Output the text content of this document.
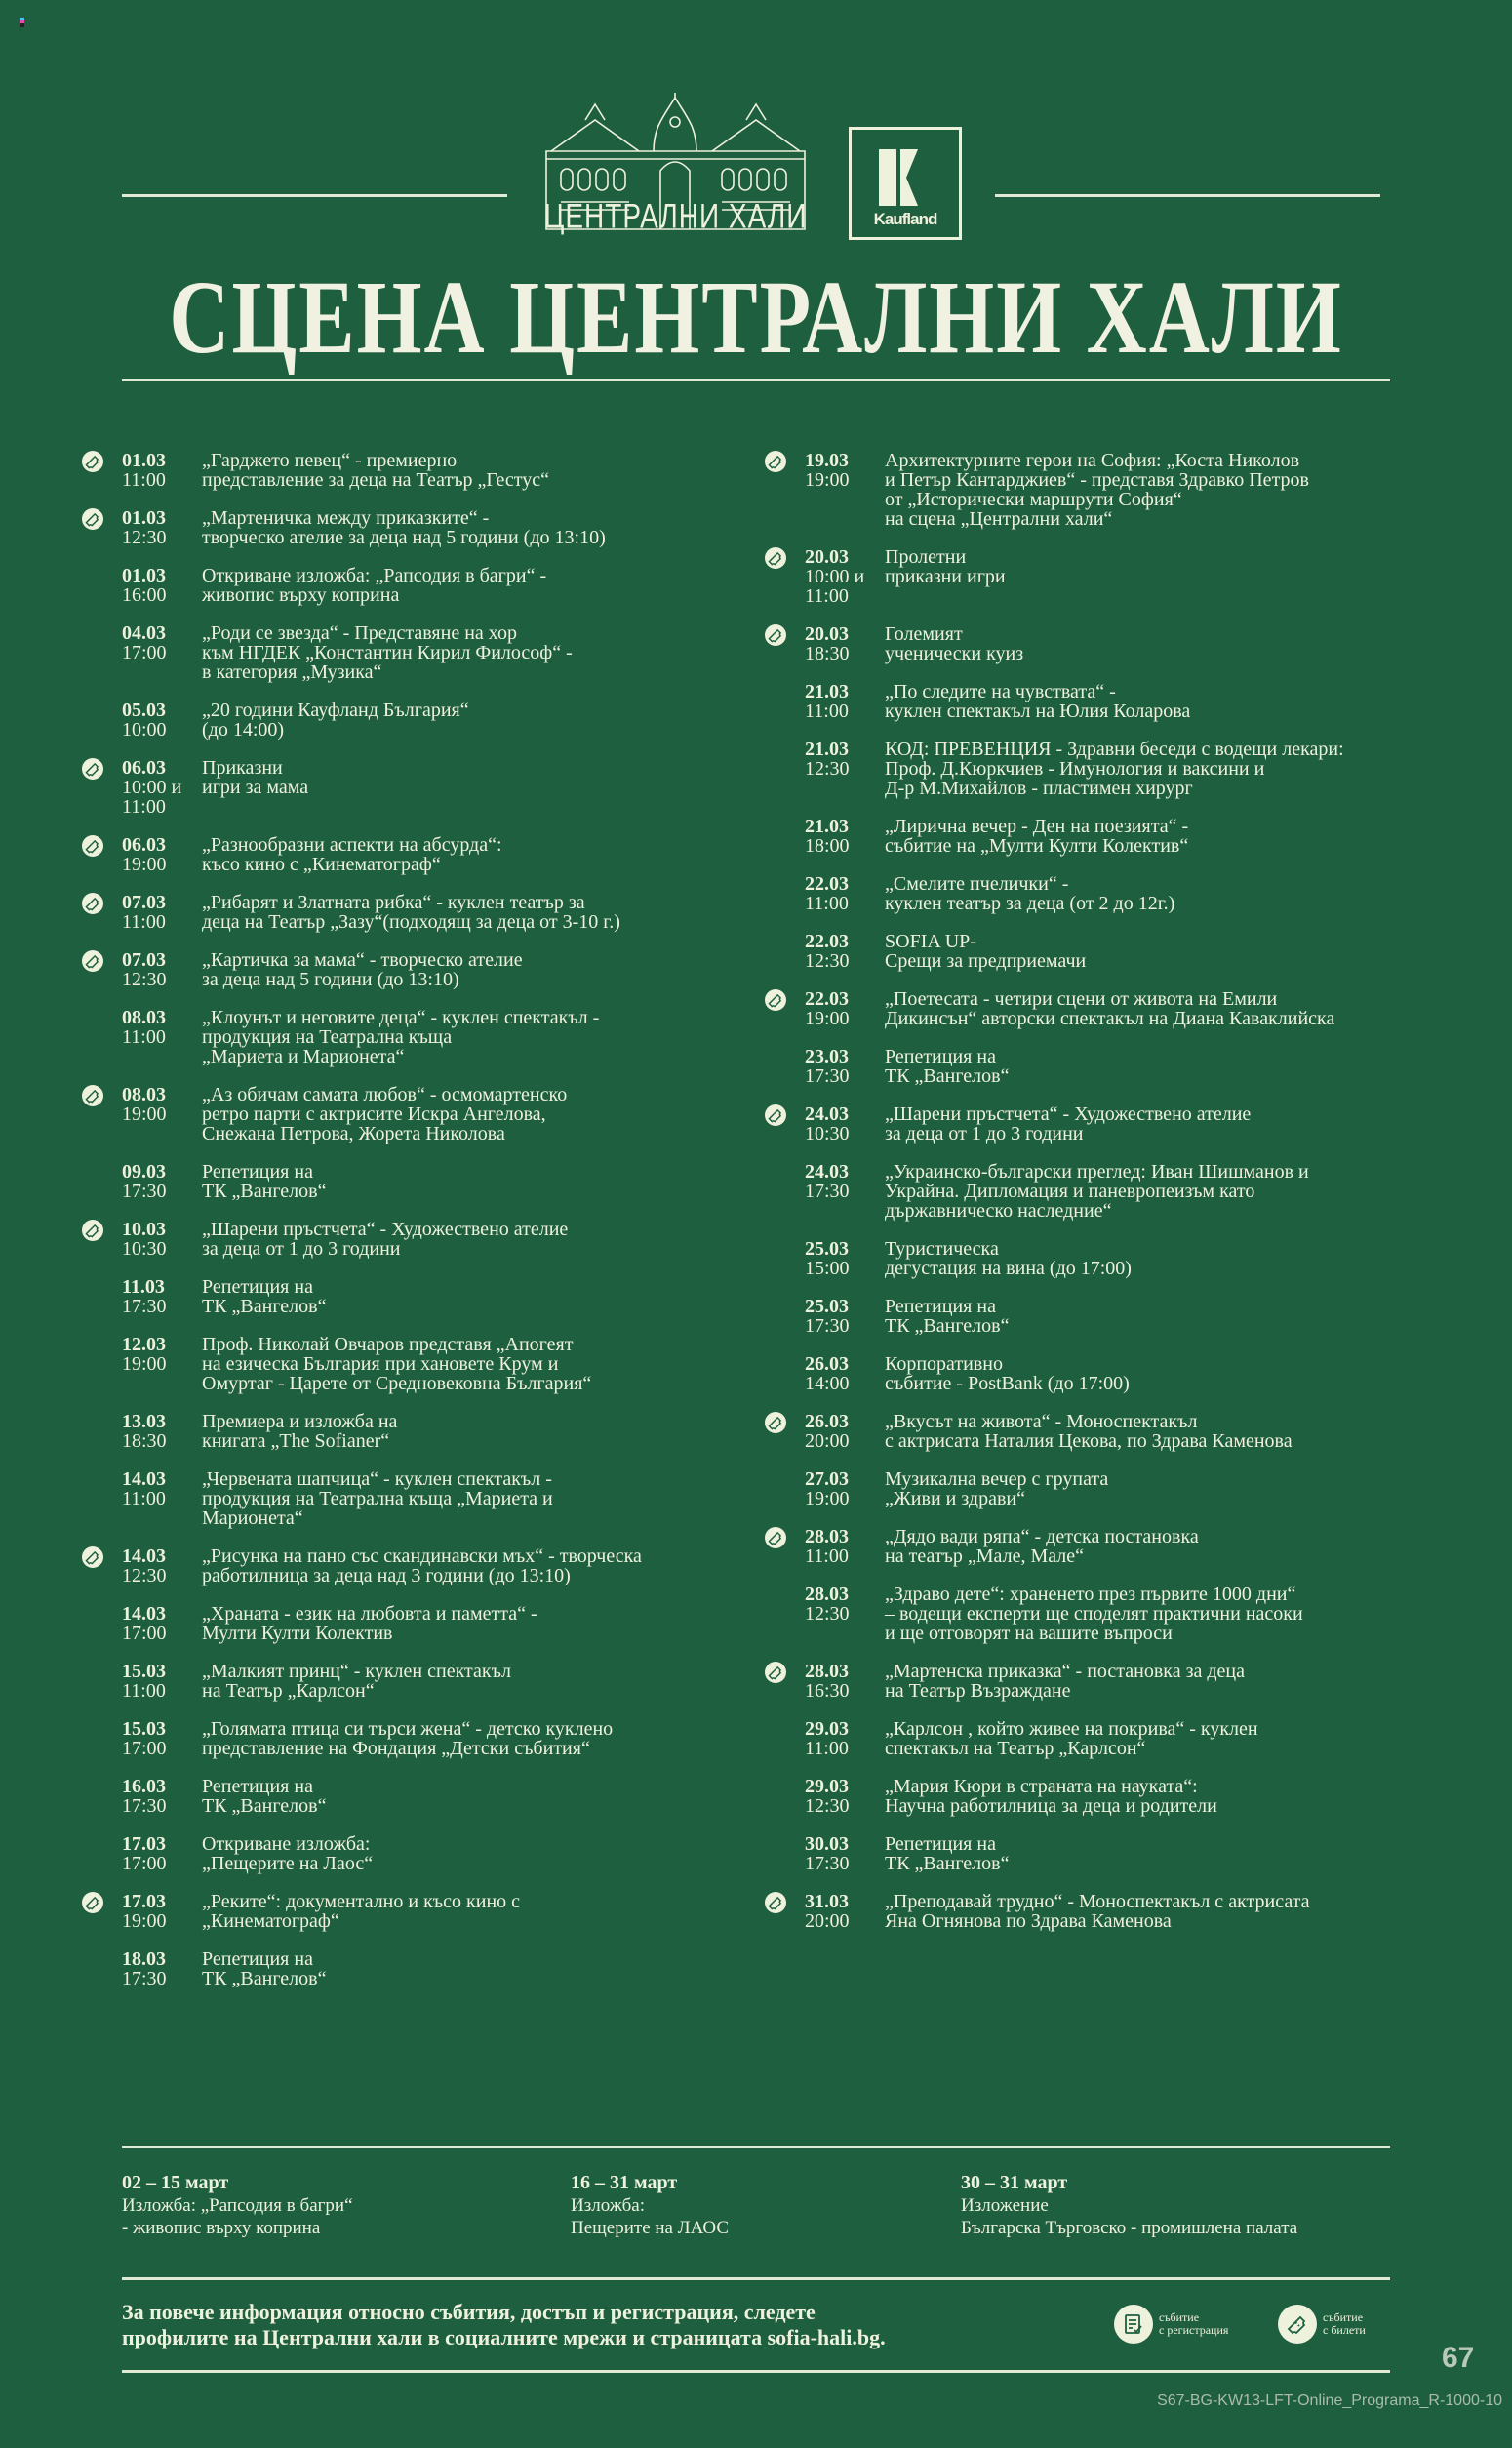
ЦЕНТРАЛНИ ХАЛИ	Kaufland
СЦЕНА ЦЕНТРАЛНИ ХАЛИ
01.03
11:00
„Гарджето певец“ - премиерно
представление за деца на Театър „Гестус“
01.03
12:30
„Мартеничка между приказките“ -
творческо ателие за деца над 5 години (до 13:10)
01.03
16:00
Откриване изложба: „Рапсодия в багри“ -
живопис върху коприна
04.03
17:00
„Роди се звезда“ - Представяне на хор
към НГДЕК „Константин Кирил Философ“ -
в категория „Музика“
05.03
10:00
„20 години Кауфланд България“
(до 14:00)
06.03
10:00 и
11:00
Приказни
игри за мама
06.03
19:00
„Разнообразни аспекти на абсурда“:
късо кино с „Кинематограф“
07.03
11:00
„Рибарят и Златната рибка“ - куклен театър за
деца на Театър „Зазу“(подходящ за деца от 3-10 г.)
07.03
12:30
„Картичка за мама“ - творческо ателие
за деца над 5 години (до 13:10)
08.03
11:00
„Клоунът и неговите деца“ - куклен спектакъл -
продукция на Театрална къща
„Мариета и Марионета“
08.03
19:00
„Аз обичам самата любов“ - осмомартенско
ретро парти с актрисите Искра Ангелова,
Снежана Петрова, Жорета Николова
09.03
17:30
Репетиция на
ТК „Вангелов“
10.03
10:30
„Шарени пръстчета“ - Художествено ателие
за деца от 1 до 3 години
11.03
17:30
Репетиция на
ТК „Вангелов“
12.03
19:00
Проф. Николай Овчаров представя „Апогеят
на езическа България при хановете Крум и
Омуртаг - Царете от Средновековна България“
13.03
18:30
Премиера и изложба на
книгата „The Sofianer“
14.03
11:00
„Червената шапчица“ - куклен спектакъл -
продукция на Театрална къща „Мариета и
Марионета“
14.03
12:30
„Рисунка на пано със скандинавски мъх“ - творческа
работилница за деца над 3 години (до 13:10)
14.03
17:00
„Храната - език на любовта и паметта“ -
Мулти Култи Колектив
15.03
11:00
„Малкият принц“ - куклен спектакъл
на Театър „Карлсон“
15.03
17:00
„Голямата птица си търси жена“ - детско куклено
представление на Фондация „Детски събития“
16.03
17:30
Репетиция на
ТК „Вангелов“
17.03
17:00
Откриване изложба:
„Пещерите на Лаос“
17.03
19:00
„Реките“: документално и късо кино с
„Кинематограф“
18.03
17:30
Репетиция на
ТК „Вангелов“
19.03
19:00
Архитектурните герои на София: „Коста Николов
и Петър Кантарджиев“ - представя Здравко Петров
от „Исторически маршрути София“
на сцена „Централни хали“
20.03
10:00 и
11:00
Пролетни
приказни игри
20.03
18:30
Големият
ученически куиз
21.03
11:00
„По следите на чувствата“ -
куклен спектакъл на Юлия Коларова
21.03
12:30
КОД: ПРЕВЕНЦИЯ - Здравни беседи с водещи лекари:
Проф. Д.Кюркчиев - Имунология и ваксини и
Д-р М.Михайлов - пластимен хирург
21.03
18:00
„Лирична вечер - Ден на поезията“ -
събитие на „Мулти Култи Колектив“
22.03
11:00
„Смелите пчелички“ -
куклен театър за деца (от 2 до 12г.)
22.03
12:30
SOFIA UP-
Срещи за предприемачи
22.03
19:00
„Поетесата - четири сцени от живота на Емили
Дикинсън“ авторски спектакъл на Диана Каваклийска
23.03
17:30
Репетиция на
ТК „Вангелов“
24.03
10:30
„Шарени пръстчета“ - Художествено ателие
за деца от 1 до 3 години
24.03
17:30
„Украинско-български преглед: Иван Шишманов и
Украйна. Дипломация и паневропеизъм като
държавническо наследние“
25.03
15:00
Туристическа
дегустация на вина (до 17:00)
25.03
17:30
Репетиция на
ТК „Вангелов“
26.03
14:00
Корпоративно
събитие - PostBank (до 17:00)
26.03
20:00
„Вкусът на живота“ - Моноспектакъл
с актрисата Наталия Цекова, по Здрава Каменова
27.03
19:00
Музикална вечер с групата
„Живи и здрави“
28.03
11:00
„Дядо вади ряпа“ - детска постановка
на театър „Мале, Мале“
28.03
12:30
„Здраво дете“: храненето през първите 1000 дни“
– водещи експерти ще споделят практични насоки
и ще отговорят на вашите въпроси
28.03
16:30
„Мартенска приказка“ - постановка за деца
на Театър Възраждане
29.03
11:00
„Карлсон , който живее на покрива“ - куклен
спектакъл на Театър „Карлсон“
29.03
12:30
„Мария Кюри в страната на науката“:
Научна работилница за деца и родители
30.03
17:30
Репетиция на
ТК „Вангелов“
31.03
20:00
„Преподавай трудно“ - Моноспектакъл с актрисата
Яна Огнянова по Здрава Каменова
02 – 15 март
Изложба: „Рапсодия в багри“
- живопис върху коприна
16 – 31 март
Изложба:
Пещерите на ЛАОС
30 – 31 март
Изложение
Българска Търговско - промишлена палата
За повече информация относно събития, достъп и регистрация, следете
профилите на Централни хали в социалните мрежи и страницата sofia-hali.bg.
събитие
с регистрация
събитие
с билети
67
S67-BG-KW13-LFT-Online_Programa_R-1000-10
